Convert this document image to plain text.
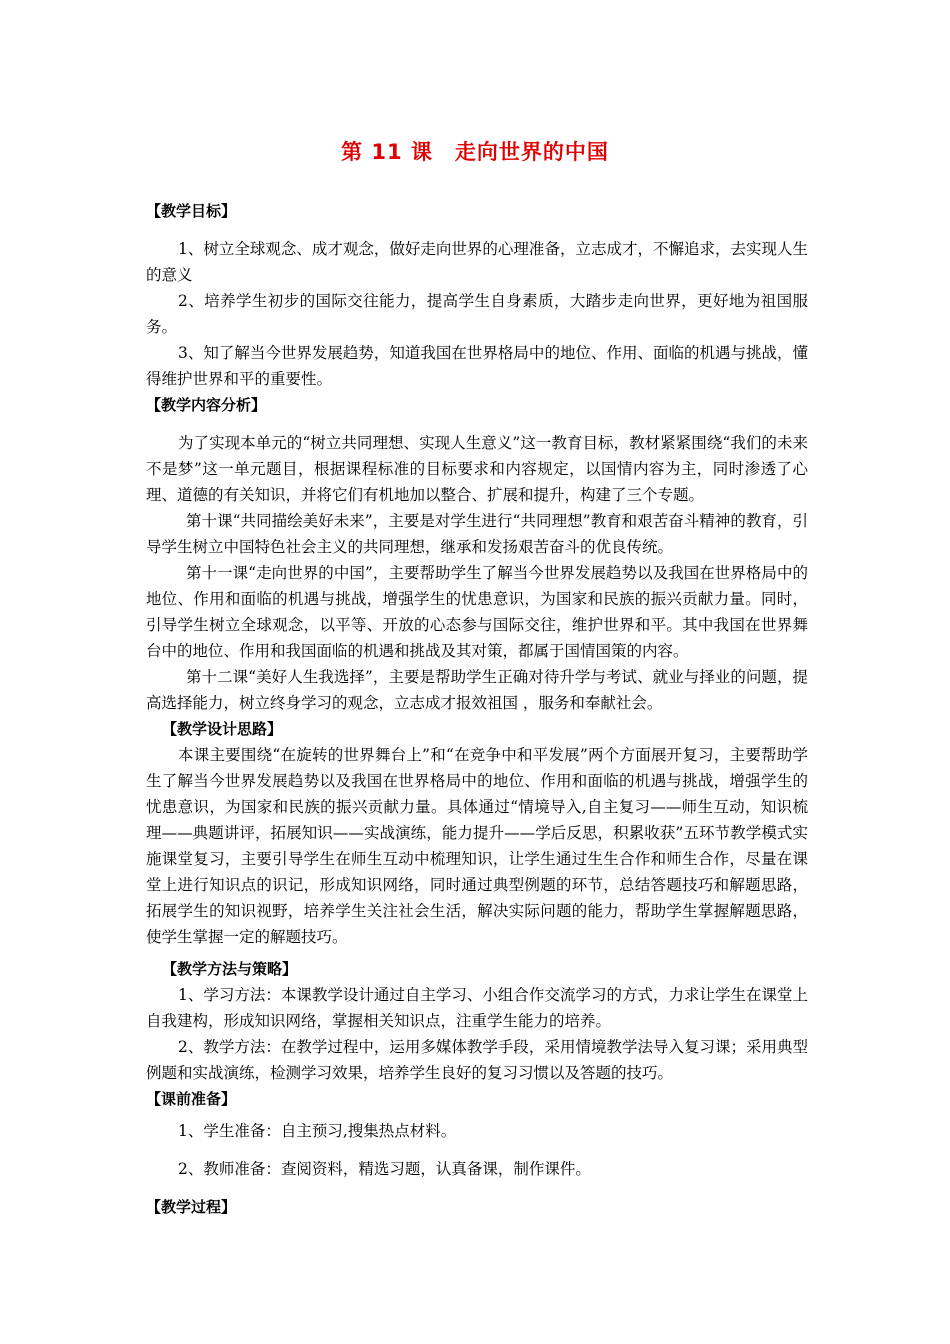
第 11 课　走向世界的中国
【教学目标】

1、树立全球观念、成才观念，做好走向世界的心理准备，立志成才，不懈追求，去实现人生的意义

2、培养学生初步的国际交往能力，提高学生自身素质，大踏步走向世界，更好地为祖国服务。

3、知了解当今世界发展趋势，知道我国在世界格局中的地位、作用、面临的机遇与挑战，懂得维护世界和平的重要性。

【教学内容分析】

为了实现本单元的“树立共同理想、实现人生意义”这一教育目标，教材紧紧围绕“我们的未来不是梦”这一单元题目，根据课程标准的目标要求和内容规定，以国情内容为主，同时渗透了心理、道德的有关知识，并将它们有机地加以整合、扩展和提升，构建了三个专题。

第十课“共同描绘美好未来”，主要是对学生进行“共同理想”教育和艰苦奋斗精神的教育，引导学生树立中国特色社会主义的共同理想，继承和发扬艰苦奋斗的优良传统。

第十一课“走向世界的中国”，主要帮助学生了解当今世界发展趋势以及我国在世界格局中的地位、作用和面临的机遇与挑战，增强学生的忧患意识，为国家和民族的振兴贡献力量。同时，引导学生树立全球观念，以平等、开放的心态参与国际交往，维护世界和平。其中我国在世界舞台中的地位、作用和我国面临的机遇和挑战及其对策，都属于国情国策的内容。

第十二课“美好人生我选择”，主要是帮助学生正确对待升学与考试、就业与择业的问题，提高选择能力，树立终身学习的观念，立志成才报效祖国 ，服务和奉献社会。

【教学设计思路】

本课主要围绕“在旋转的世界舞台上”和“在竞争中和平发展”两个方面展开复习，主要帮助学生了解当今世界发展趋势以及我国在世界格局中的地位、作用和面临的机遇与挑战，增强学生的忧患意识，为国家和民族的振兴贡献力量。具体通过“情境导入,自主复习——师生互动，知识梳理——典题讲评，拓展知识——实战演练，能力提升——学后反思，积累收获”五环节教学模式实施课堂复习，主要引导学生在师生互动中梳理知识，让学生通过生生合作和师生合作，尽量在课堂上进行知识点的识记，形成知识网络，同时通过典型例题的环节，总结答题技巧和解题思路，拓展学生的知识视野，培养学生关注社会生活，解决实际问题的能力，帮助学生掌握解题思路，使学生掌握一定的解题技巧。

【教学方法与策略】

1、学习方法：本课教学设计通过自主学习、小组合作交流学习的方式，力求让学生在课堂上自我建构，形成知识网络，掌握相关知识点，注重学生能力的培养。

2、教学方法：在教学过程中，运用多媒体教学手段，采用情境教学法导入复习课；采用典型例题和实战演练，检测学习效果，培养学生良好的复习习惯以及答题的技巧。

【课前准备】

1、学生准备：自主预习,搜集热点材料。

2、教师准备：查阅资料，精选习题，认真备课，制作课件。

【教学过程】
